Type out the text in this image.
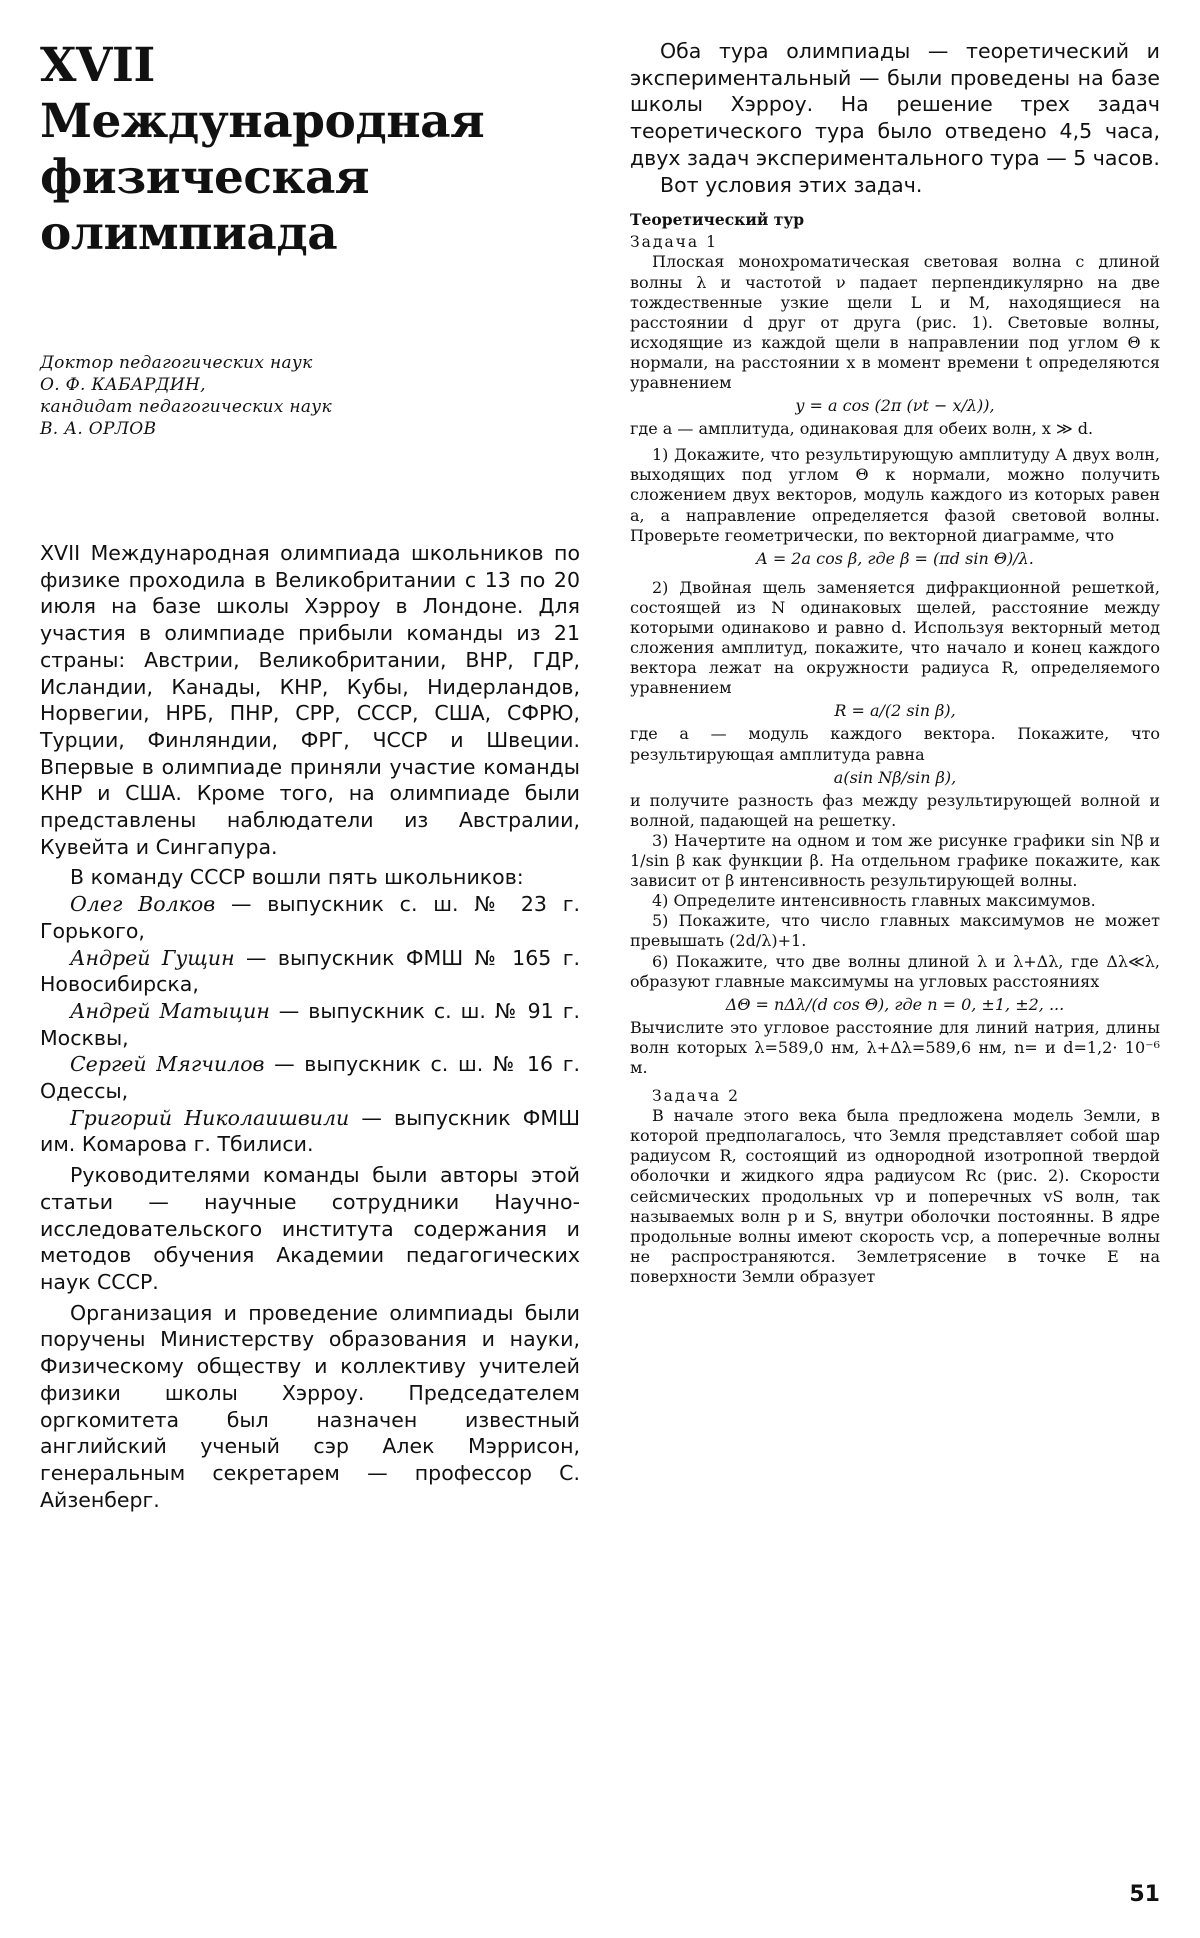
XVII
Международная
физическая
олимпиада
Доктор педагогических наук
О. Ф. КАБАРДИН,
кандидат педагогических наук
В. А. ОРЛОВ

XVII Международная олимпиада школьников по физике проходила в Великобритании с 13 по 20 июля на базе школы Хэрроу в Лондоне. Для участия в олимпиаде прибыли команды из 21 страны: Австрии, Великобритании, ВНР, ГДР, Исландии, Канады, КНР, Кубы, Нидерландов, Норвегии, НРБ, ПНР, СРР, СССР, США, СФРЮ, Турции, Финляндии, ФРГ, ЧССР и Швеции. Впервые в олимпиаде приняли участие команды КНР и США. Кроме того, на олимпиаде были представлены наблюдатели из Австралии, Кувейта и Сингапура.

В команду СССР вошли пять школьников:

Олег Волков — выпускник с. ш. № 23 г. Горького,

Андрей Гущин — выпускник ФМШ № 165 г. Новосибирска,

Андрей Матыцин — выпускник с. ш. № 91 г. Москвы,

Сергей Мягчилов — выпускник с. ш. № 16 г. Одессы,

Григорий Николаишвили — выпускник ФМШ им. Комарова г. Тбилиси.

Руководителями команды были авторы этой статьи — научные сотрудники Научно-исследовательского института содержания и методов обучения Академии педагогических наук СССР.

Организация и проведение олимпиады были поручены Министерству образования и науки, Физическому обществу и коллективу учителей физики школы Хэрроу. Председателем оргкомитета был назначен известный английский ученый сэр Алек Мэррисон, генеральным секретарем — профессор С. Айзенберг.

Оба тура олимпиады — теоретический и экспериментальный — были проведены на базе школы Хэрроу. На решение трех задач теоретического тура было отведено 4,5 часа, двух задач экспериментального тура — 5 часов.

Вот условия этих задач.

Теоретический тур

Задача 1

Плоская монохроматическая световая волна с длиной волны λ и частотой ν падает перпендикулярно на две тождественные узкие щели L и M, находящиеся на расстоянии d друг от друга (рис. 1). Световые волны, исходящие из каждой щели в направлении под углом Θ к нормали, на расстоянии x в момент времени t определяются уравнением

y = a cos (2π (νt − x/λ)),

где a — амплитуда, одинаковая для обеих волн, x ≫ d.

1) Докажите, что результирующую амплитуду A двух волн, выходящих под углом Θ к нормали, можно получить сложением двух векторов, модуль каждого из которых равен a, а направление определяется фазой световой волны. Проверьте геометрически, по векторной диаграмме, что

A = 2a cos β, где β = (πd sin Θ)/λ.

2) Двойная щель заменяется дифракционной решеткой, состоящей из N одинаковых щелей, расстояние между которыми одинаково и равно d. Используя векторный метод сложения амплитуд, покажите, что начало и конец каждого вектора лежат на окружности радиуса R, определяемого уравнением

R = a/(2 sin β),

где a — модуль каждого вектора. Покажите, что результирующая амплитуда равна

a(sin Nβ/sin β),

и получите разность фаз между результирующей волной и волной, падающей на решетку.

3) Начертите на одном и том же рисунке графики sin Nβ и 1/sin β как функции β. На отдельном графике покажите, как зависит от β интенсивность результирующей волны.

4) Определите интенсивность главных максимумов.

5) Покажите, что число главных максимумов не может превышать (2d/λ)+1.

6) Покажите, что две волны длиной λ и λ+Δλ, где Δλ≪λ, образуют главные максимумы на угловых расстояниях

ΔΘ = nΔλ/(d cos Θ), где n = 0, ±1, ±2, ...

Вычислите это угловое расстояние для линий натрия, длины волн которых λ=589,0 нм, λ+Δλ=589,6 нм, n= и d=1,2· 10⁻⁶ м.

Задача 2

В начале этого века была предложена модель Земли, в которой предполагалось, что Земля представляет собой шар радиусом R, состоящий из однородной изотропной твердой оболочки и жидкого ядра радиусом Rc (рис. 2). Скорости сейсмических продольных vp и поперечных vS волн, так называемых волн p и S, внутри оболочки постоянны. В ядре продольные волны имеют скорость vcp, а поперечные волны не распространяются. Землетрясение в точке E на поверхности Земли образует

51
